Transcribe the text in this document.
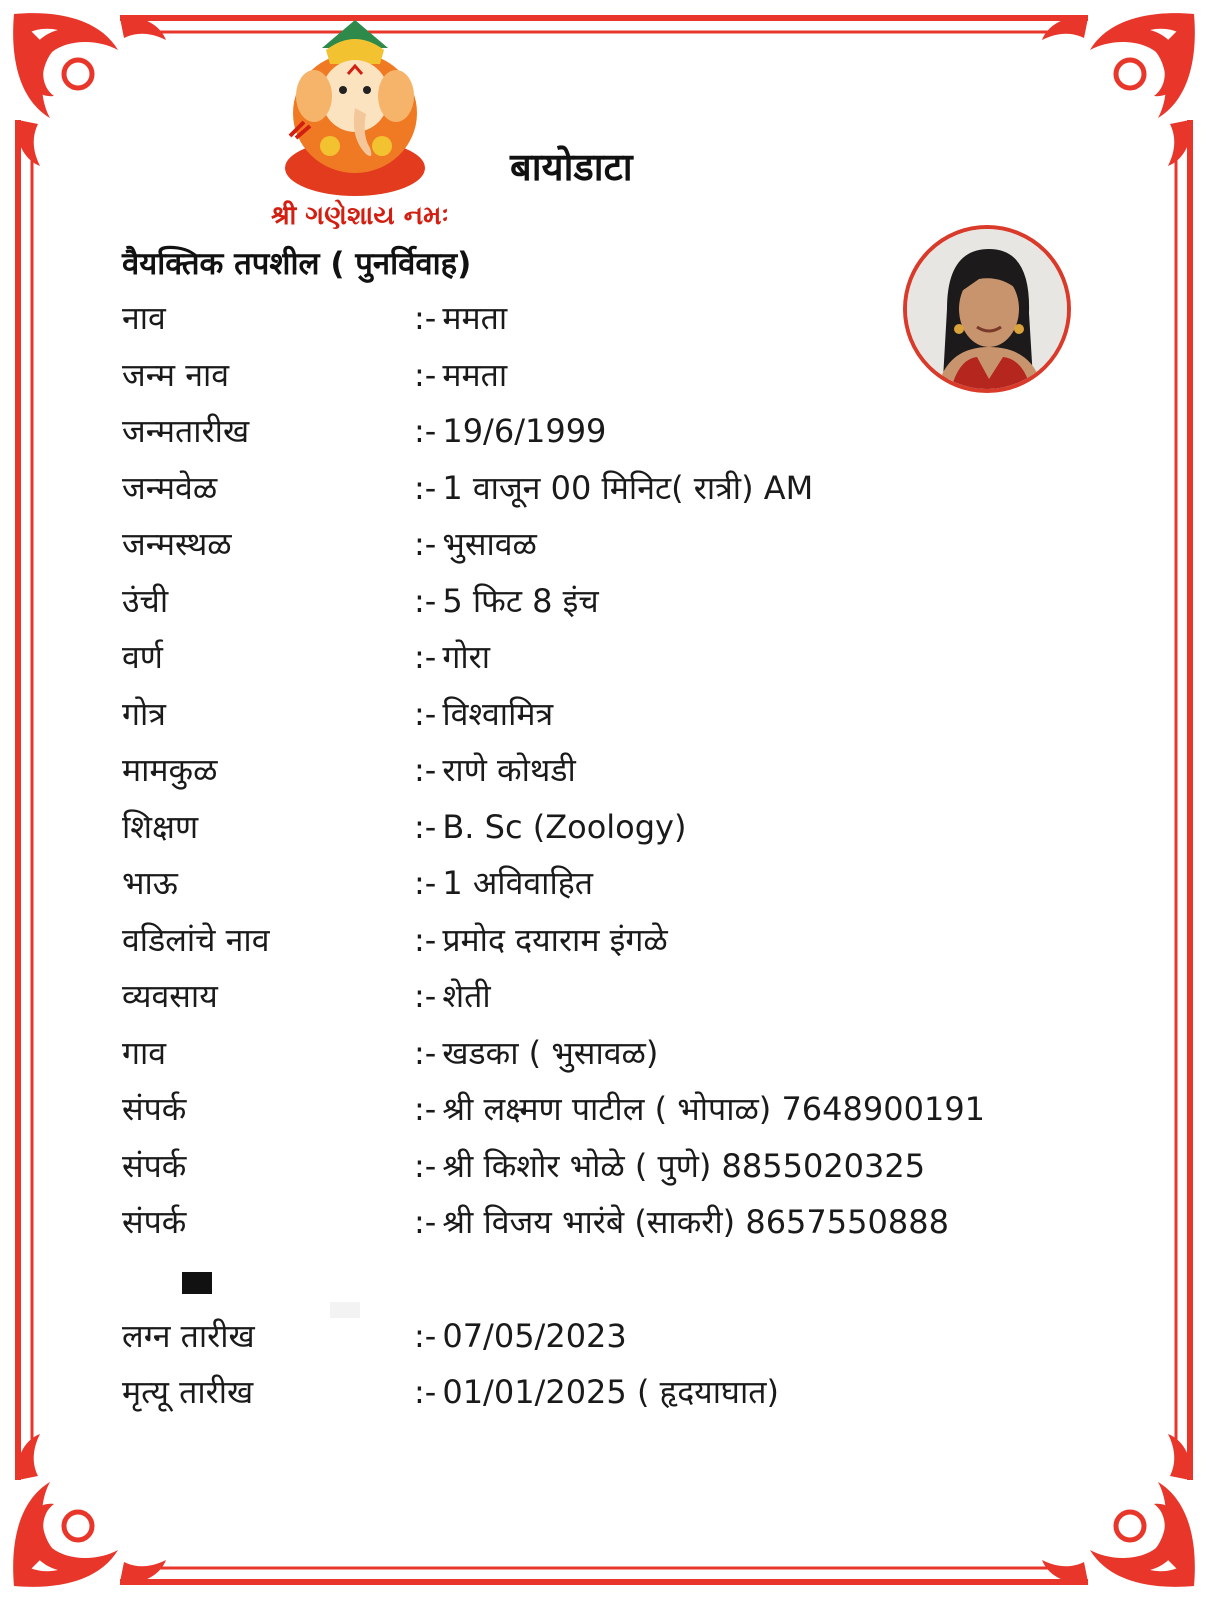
श्री ગણેશાય નમઃ
बायोडाटा
वैयक्तिक तपशील ( पुनर्विवाह)
नाव	:- ममता
जन्म नाव	:- ममता
जन्मतारीख	:- 19/6/1999
जन्मवेळ	:- 1 वाजून 00 मिनिट( रात्री) AM
जन्मस्थळ	:- भुसावळ
उंची	:- 5 फिट 8 इंच
वर्ण	:- गोरा
गोत्र	:- विश्वामित्र
मामकुळ	:- राणे कोथडी
शिक्षण	:- B. Sc (Zoology)
भाऊ	:- 1 अविवाहित
वडिलांचे नाव	:- प्रमोद दयाराम इंगळे
व्यवसाय	:- शेती
गाव	:- खडका ( भुसावळ)
संपर्क	:- श्री लक्ष्मण पाटील ( भोपाळ) 7648900191
संपर्क	:- श्री किशोर भोळे ( पुणे) 8855020325
संपर्क	:- श्री विजय भारंबे (साकरी) 8657550888
लग्न तारीख	:- 07/05/2023
मृत्यू तारीख	:- 01/01/2025 ( हृदयाघात)
